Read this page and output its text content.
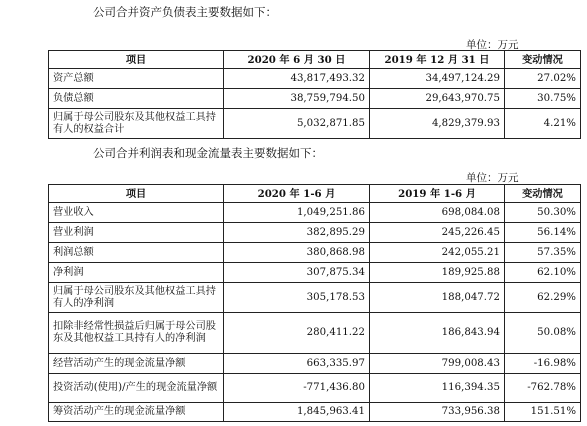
公司合并资产负债表主要数据如下：
单位：万元
项目	2020 年 6 月 30 日	2019 年 12 月 31 日	变动情况
资产总额	43,817,493.32	34,497,124.29	27.02%
负债总额	38,759,794.50	29,643,970.75	30.75%
归属于母公司股东及其他权益工具持有人的权益合计	5,032,871.85	4,829,379.93	4.21%
公司合并利润表和现金流量表主要数据如下：
单位：万元
项目	2020 年 1-6 月	2019 年 1-6 月	变动情况
营业收入	1,049,251.86	698,084.08	50.30%
营业利润	382,895.29	245,226.45	56.14%
利润总额	380,868.98	242,055.21	57.35%
净利润	307,875.34	189,925.88	62.10%
归属于母公司股东及其他权益工具持有人的净利润	305,178.53	188,047.72	62.29%
扣除非经常性损益后归属于母公司股东及其他权益工具持有人的净利润	280,411.22	186,843.94	50.08%
经营活动产生的现金流量净额	663,335.97	799,008.43	-16.98%
投资活动(使用)/产生的现金流量净额	-771,436.80	116,394.35	-762.78%
筹资活动产生的现金流量净额	1,845,963.41	733,956.38	151.51%
